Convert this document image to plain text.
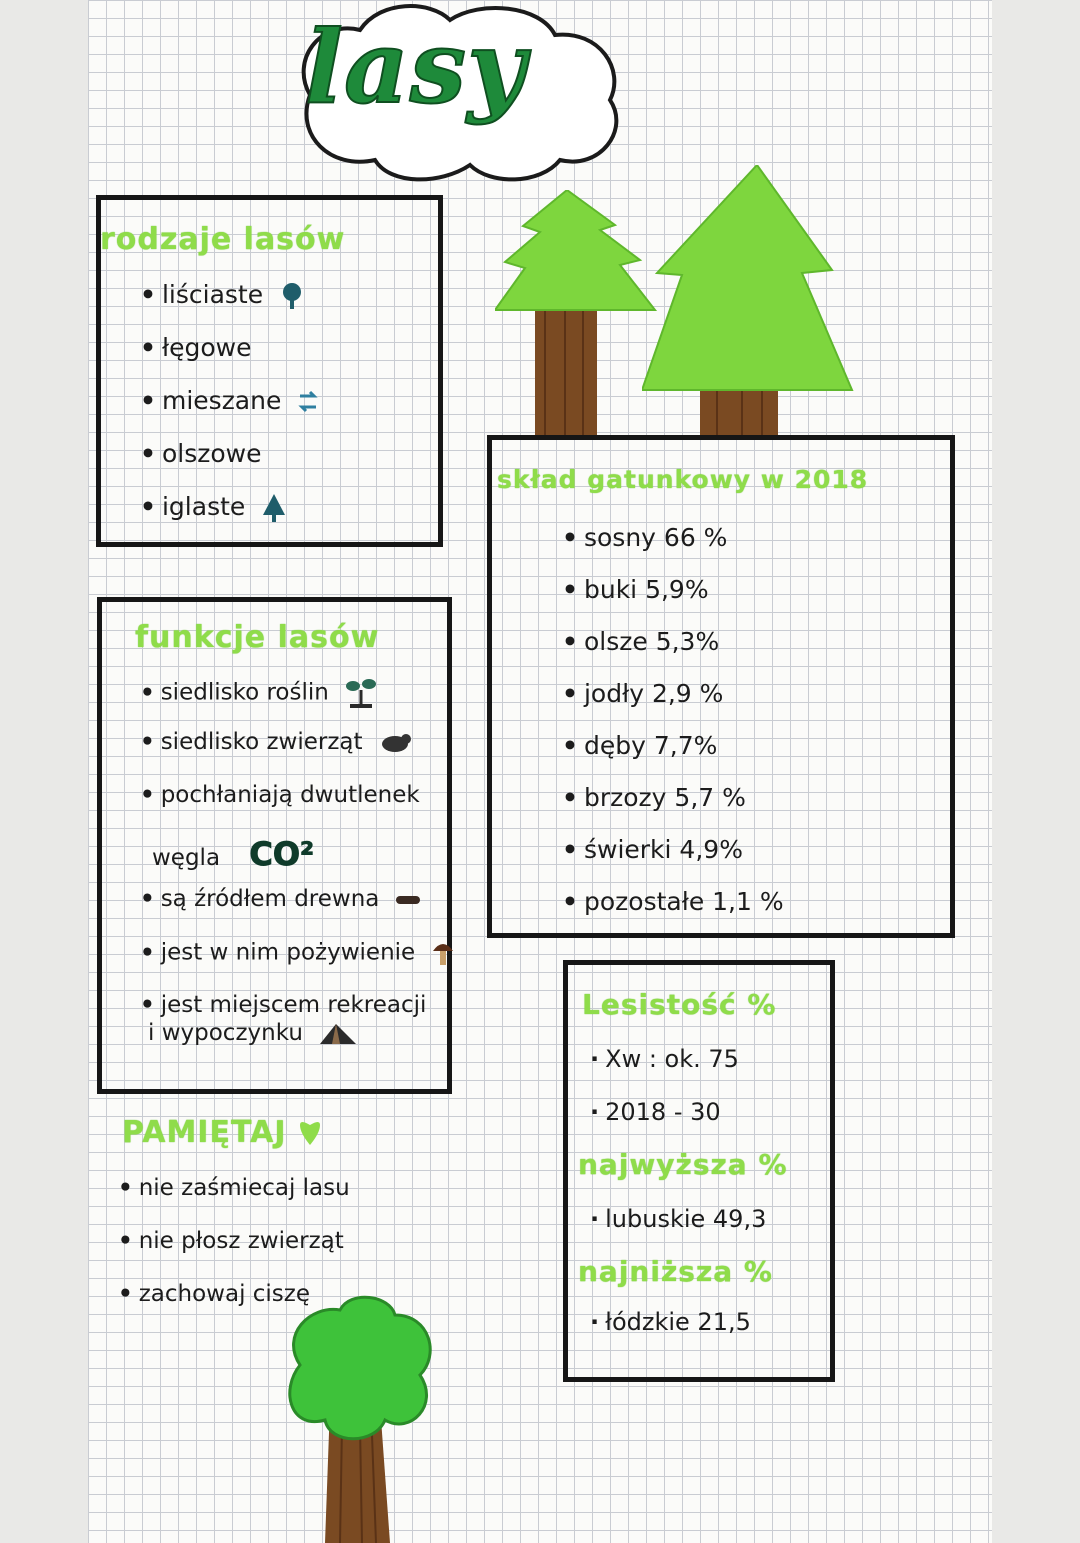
lasy
rodzaje lasów
• liściaste
• łęgowe
• mieszane
• olszowe
• iglaste
funkcje lasów
• siedlisko roślin
• siedlisko zwierząt
• pochłaniają dwutlenek
węgla CO²
• są źródłem drewna
• jest w nim pożywienie
• jest miejscem rekreacji
i wypoczynku
PAMIĘTAJ
• nie zaśmiecaj lasu
• nie płosz zwierząt
• zachowaj ciszę
skład gatunkowy w 2018
• sosny 66 %
• buki 5,9%
• olsze 5,3%
• jodły 2,9 %
• dęby 7,7%
• brzozy 5,7 %
• świerki 4,9%
• pozostałe 1,1 %
Lesistość %
· Xw : ok. 75
· 2018 - 30
najwyższa %
· lubuskie 49,3
najniższa %
· łódzkie 21,5
